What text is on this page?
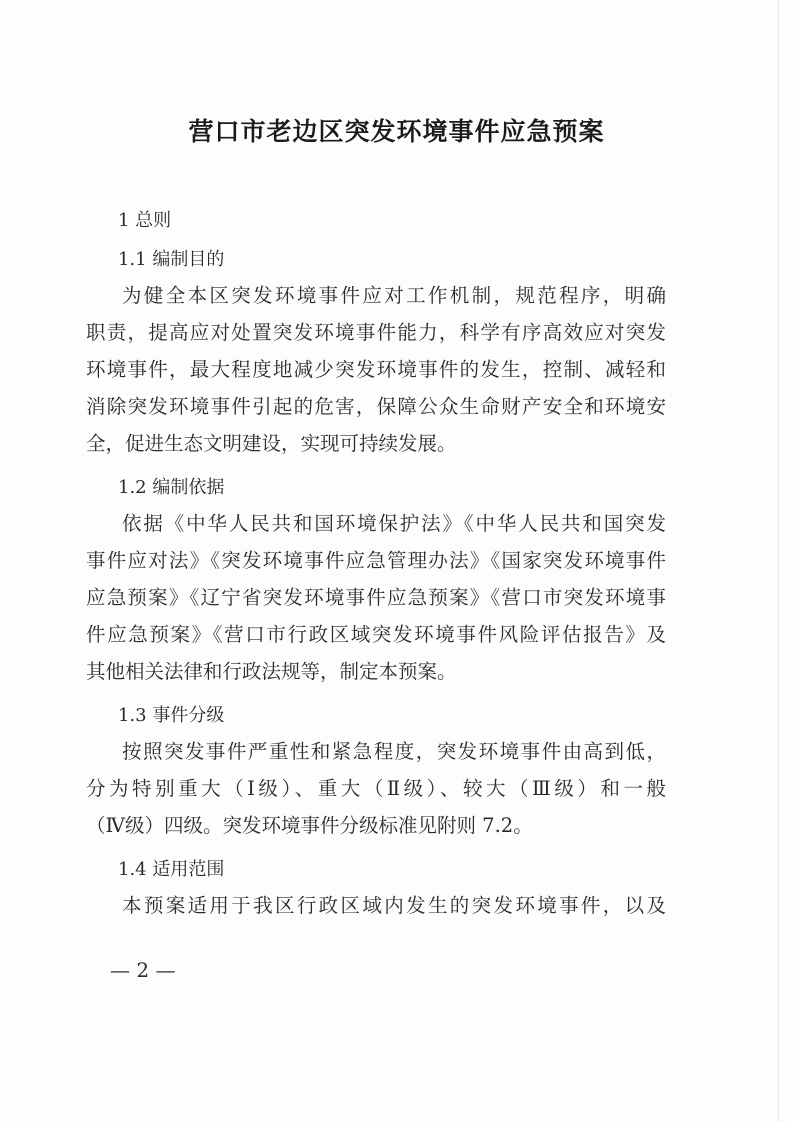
营口市老边区突发环境事件应急预案
1 总则
1.1 编制目的
为健全本区突发环境事件应对工作机制，规范程序，明确
职责，提高应对处置突发环境事件能力，科学有序高效应对突发
环境事件，最大程度地减少突发环境事件的发生，控制、减轻和
消除突发环境事件引起的危害，保障公众生命财产安全和环境安
全，促进生态文明建设，实现可持续发展。
1.2 编制依据
依据《中华人民共和国环境保护法》《中华人民共和国突发
事件应对法》《突发环境事件应急管理办法》《国家突发环境事件
应急预案》《辽宁省突发环境事件应急预案》《营口市突发环境事
件应急预案》《营口市行政区域突发环境事件风险评估报告》及
其他相关法律和行政法规等，制定本预案。
1.3 事件分级
按照突发事件严重性和紧急程度，突发环境事件由高到低，
分为特别重大（Ⅰ级）、重大（Ⅱ级）、较大（Ⅲ级）和一般
（Ⅳ级）四级。突发环境事件分级标准见附则 7.2。
1.4 适用范围
本预案适用于我区行政区域内发生的突发环境事件，以及
— 2 —
